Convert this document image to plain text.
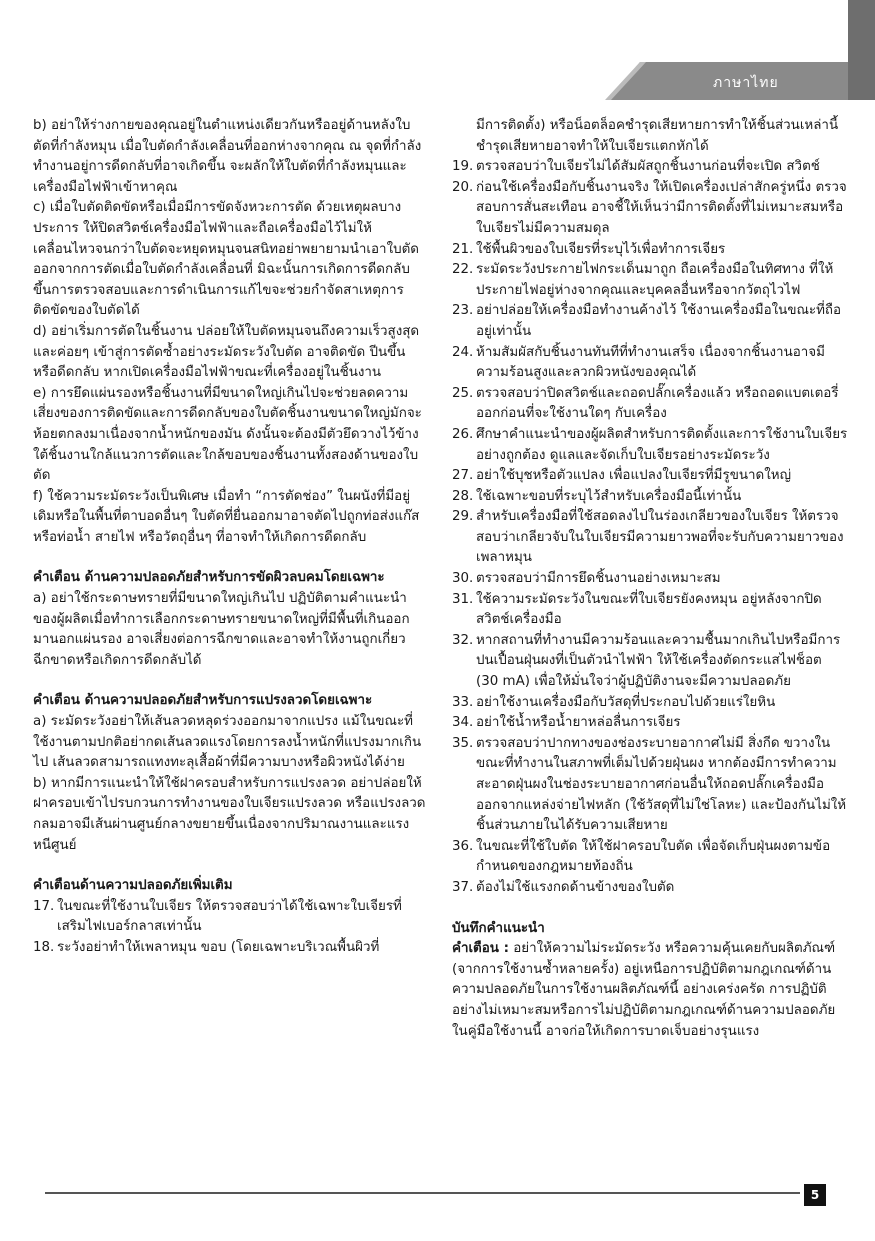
ภาษาไทย

b) อย่าให้ร่างกายของคุณอยู่ในตำแหน่งเดียวกันหรืออยู่ด้านหลังใบตัดที่กำลังหมุน เมื่อใบตัดกำลังเคลื่อนที่ออกห่างจากคุณ ณ จุดที่กำลังทำงานอยู่การดีดกลับที่อาจเกิดขึ้น จะผลักให้ใบตัดที่กำลังหมุนและเครื่องมือไฟฟ้าเข้าหาคุณ

c) เมื่อใบตัดติดขัดหรือเมื่อมีการขัดจังหวะการตัด ด้วยเหตุผลบางประการ ให้ปิดสวิตช์เครื่องมือไฟฟ้าและถือเครื่องมือไว้ไม่ให้เคลื่อนไหวจนกว่าใบตัดจะหยุดหมุนจนสนิทอย่าพยายามนำเอาใบตัดออกจากการตัดเมื่อใบตัดกำลังเคลื่อนที่ มิฉะนั้นการเกิดการดีดกลับขึ้นการตรวจสอบและการดำเนินการแก้ไขจะช่วยกำจัดสาเหตุการติดขัดของใบตัดได้

d) อย่าเริ่มการตัดในชิ้นงาน ปล่อยให้ใบตัดหมุนจนถึงความเร็วสูงสุดและค่อยๆ เข้าสู่การตัดซ้ำอย่างระมัดระวังใบตัด อาจติดขัด ปีนขึ้น หรือดีดกลับ หากเปิดเครื่องมือไฟฟ้าขณะที่เครื่องอยู่ในชิ้นงาน

e) การยึดแผ่นรองหรือชิ้นงานที่มีขนาดใหญ่เกินไปจะช่วยลดความเสี่ยงของการติดขัดและการดีดกลับของใบตัดชิ้นงานขนาดใหญ่มักจะห้อยตกลงมาเนื่องจากน้ำหนักของมัน ดังนั้นจะต้องมีตัวยึดวางไว้ข้างใต้ชิ้นงานใกล้แนวการตัดและใกล้ขอบของชิ้นงานทั้งสองด้านของใบตัด

f) ใช้ความระมัดระวังเป็นพิเศษ เมื่อทำ “การตัดช่อง” ในผนังที่มีอยู่เดิมหรือในพื้นที่ตาบอดอื่นๆ ใบตัดที่ยื่นออกมาอาจตัดไปถูกท่อส่งแก๊สหรือท่อน้ำ สายไฟ หรือวัตถุอื่นๆ ที่อาจทำให้เกิดการดีดกลับ

คำเตือน ด้านความปลอดภัยสำหรับการขัดผิวลบคมโดยเฉพาะ

a) อย่าใช้กระดาษทรายที่มีขนาดใหญ่เกินไป ปฏิบัติตามคำแนะนำของผู้ผลิตเมื่อทำการเลือกกระดาษทรายขนาดใหญ่ที่มีพื้นที่เกินออกมานอกแผ่นรอง อาจเสี่ยงต่อการฉีกขาดและอาจทำให้งานถูกเกี่ยว ฉีกขาดหรือเกิดการดีดกลับได้

คำเตือน ด้านความปลอดภัยสำหรับการแปรงลวดโดยเฉพาะ

a) ระมัดระวังอย่าให้เส้นลวดหลุดร่วงออกมาจากแปรง แม้ในขณะที่ใช้งานตามปกติอย่ากดเส้นลวดแรงโดยการลงน้ำหนักที่แปรงมากเกินไป เส้นลวดสามารถแทงทะลุเสื้อผ้าที่มีความบางหรือผิวหนังได้ง่าย

b) หากมีการแนะนำให้ใช้ฝาครอบสำหรับการแปรงลวด อย่าปล่อยให้ฝาครอบเข้าไปรบกวนการทำงานของใบเจียรแปรงลวด หรือแปรงลวดกลมอาจมีเส้นผ่านศูนย์กลางขยายขึ้นเนื่องจากปริมาณงานและแรงหนีศูนย์

คำเตือนด้านความปลอดภัยเพิ่มเติม

17. ในขณะที่ใช้งานใบเจียร ให้ตรวจสอบว่าได้ใช้เฉพาะใบเจียรที่เสริมไฟเบอร์กลาสเท่านั้น
18. ระวังอย่าทำให้เพลาหมุน ขอบ (โดยเฉพาะบริเวณพื้นผิวที่

มีการติดตั้ง) หรือน็อตล็อคชำรุดเสียหายการทำให้ชิ้นส่วนเหล่านี้ชำรุดเสียหายอาจทำให้ใบเจียรแตกหักได้

19. ตรวจสอบว่าใบเจียรไม่ได้สัมผัสถูกชิ้นงานก่อนที่จะเปิด สวิตช์
20. ก่อนใช้เครื่องมือกับชิ้นงานจริง ให้เปิดเครื่องเปล่าสักครู่หนึ่ง ตรวจสอบการสั่นสะเทือน อาจชี้ให้เห็นว่ามีการติดตั้งที่ไม่เหมาะสมหรือใบเจียรไม่มีความสมดุล
21. ใช้พื้นผิวของใบเจียรที่ระบุไว้เพื่อทำการเจียร
22. ระมัดระวังประกายไฟกระเด็นมาถูก ถือเครื่องมือในทิศทาง ที่ให้ประกายไฟอยู่ห่างจากคุณและบุคคลอื่นหรือจากวัตถุไวไฟ
23. อย่าปล่อยให้เครื่องมือทำงานค้างไว้ ใช้งานเครื่องมือในขณะที่ถืออยู่เท่านั้น
24. ห้ามสัมผัสกับชิ้นงานทันทีที่ทำงานเสร็จ เนื่องจากชิ้นงานอาจมีความร้อนสูงและลวกผิวหนังของคุณได้
25. ตรวจสอบว่าปิดสวิตช์และถอดปลั๊กเครื่องแล้ว หรือถอดแบตเตอรี่ออกก่อนที่จะใช้งานใดๆ กับเครื่อง
26. ศึกษาคำแนะนำของผู้ผลิตสำหรับการติดตั้งและการใช้งานใบเจียรอย่างถูกต้อง ดูแลและจัดเก็บใบเจียรอย่างระมัดระวัง
27. อย่าใช้บุชหรือตัวแปลง เพื่อแปลงใบเจียรที่มีรูขนาดใหญ่
28. ใช้เฉพาะขอบที่ระบุไว้สำหรับเครื่องมือนี้เท่านั้น
29. สำหรับเครื่องมือที่ใช้สอดลงไปในร่องเกลียวของใบเจียร ให้ตรวจสอบว่าเกลียวจับในใบเจียรมีความยาวพอที่จะรับกับความยาวของเพลาหมุน
30. ตรวจสอบว่ามีการยึดชิ้นงานอย่างเหมาะสม
31. ใช้ความระมัดระวังในขณะที่ใบเจียรยังคงหมุน อยู่หลังจากปิดสวิตช์เครื่องมือ
32. หากสถานที่ทำงานมีความร้อนและความชื้นมากเกินไปหรือมีการปนเปื้อนฝุ่นผงที่เป็นตัวนำไฟฟ้า ให้ใช้เครื่องตัดกระแสไฟช็อต (30 mA) เพื่อให้มั่นใจว่าผู้ปฏิบัติงานจะมีความปลอดภัย
33. อย่าใช้งานเครื่องมือกับวัสดุที่ประกอบไปด้วยแร่ใยหิน
34. อย่าใช้น้ำหรือน้ำยาหล่อลื่นการเจียร
35. ตรวจสอบว่าปากทางของช่องระบายอากาศไม่มี สิ่งกีด ขวางในขณะที่ทำงานในสภาพที่เต็มไปด้วยฝุ่นผง หากต้องมีการทำความสะอาดฝุ่นผงในช่องระบายอากาศก่อนอื่นให้ถอดปลั๊กเครื่องมือออกจากแหล่งจ่ายไฟหลัก (ใช้วัสดุที่ไม่ใช่โลหะ) และป้องกันไม่ให้ชิ้นส่วนภายในได้รับความเสียหาย
36. ในขณะที่ใช้ใบตัด ให้ใช้ฝาครอบใบตัด เพื่อจัดเก็บฝุ่นผงตามข้อกำหนดของกฎหมายท้องถิ่น
37. ต้องไม่ใช้แรงกดด้านข้างของใบตัด

บันทึกคำแนะนำ

คำเตือน : อย่าให้ความไม่ระมัดระวัง หรือความคุ้นเคยกับผลิตภัณฑ์ (จากการใช้งานซ้ำหลายครั้ง) อยู่เหนือการปฏิบัติตามกฎเกณฑ์ด้านความปลอดภัยในการใช้งานผลิตภัณฑ์นี้ อย่างเคร่งครัด การปฏิบัติอย่างไม่เหมาะสมหรือการไม่ปฏิบัติตามกฎเกณฑ์ด้านความปลอดภัยในคู่มือใช้งานนี้ อาจก่อให้เกิดการบาดเจ็บอย่างรุนแรง

5
